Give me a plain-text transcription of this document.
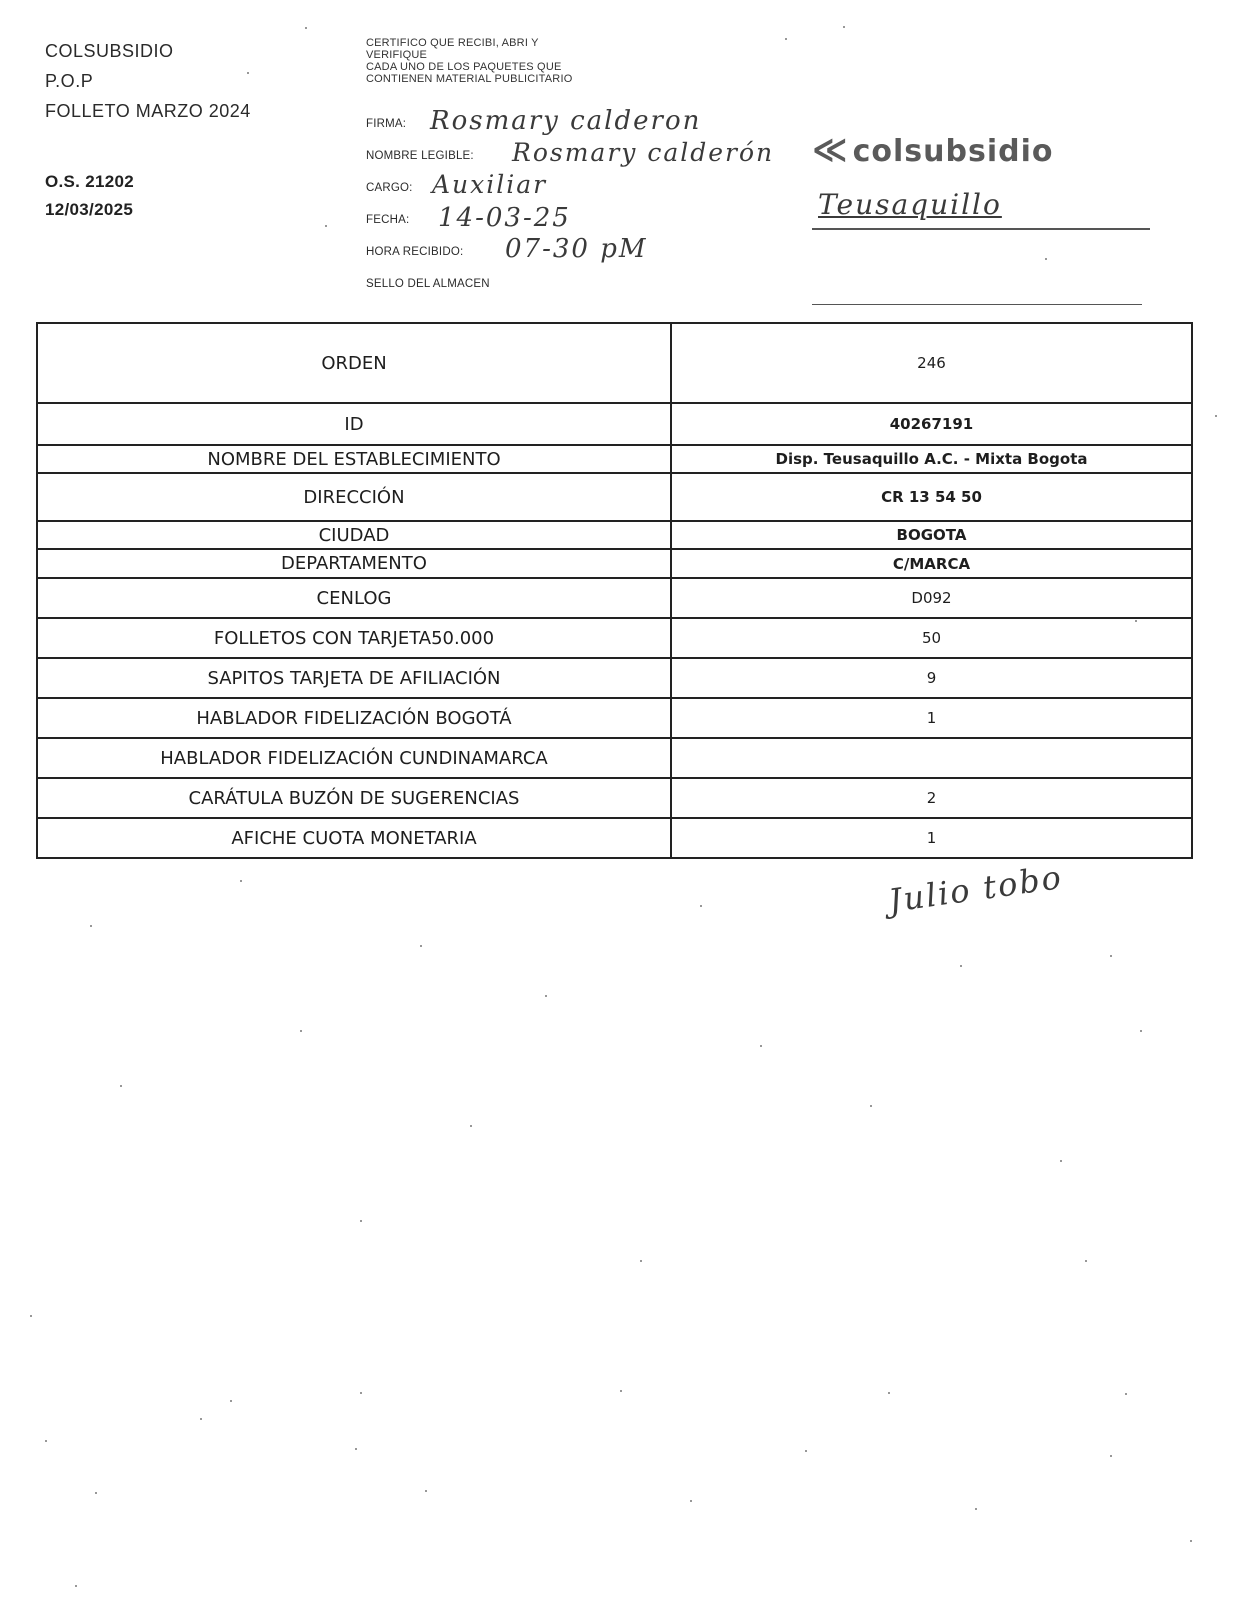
COLSUBSIDIO
P.O.P
FOLLETO MARZO 2024
O.S. 21202
12/03/2025
CERTIFICO QUE RECIBI, ABRI Y
VERIFIQUE
CADA UNO DE LOS PAQUETES QUE
CONTIENEN MATERIAL PUBLICITARIO
FIRMA: Rosmary calderon
NOMBRE LEGIBLE: Rosmary calderón
CARGO: Auxiliar
FECHA: 14-03-25
HORA RECIBIDO: 07-30 pM
SELLO DEL ALMACEN
≪ colsubsidio
Teusaquillo
ORDEN	246
ID	40267191
NOMBRE DEL ESTABLECIMIENTO	Disp. Teusaquillo A.C. - Mixta Bogota
DIRECCIÓN	CR 13 54 50
CIUDAD	BOGOTA
DEPARTAMENTO	C/MARCA
CENLOG	D092
FOLLETOS CON TARJETA50.000	50
SAPITOS TARJETA DE AFILIACIÓN	9
HABLADOR FIDELIZACIÓN BOGOTÁ	1
HABLADOR FIDELIZACIÓN CUNDINAMARCA	
CARÁTULA BUZÓN DE SUGERENCIAS	2
AFICHE CUOTA MONETARIA	1
Julio tobo
